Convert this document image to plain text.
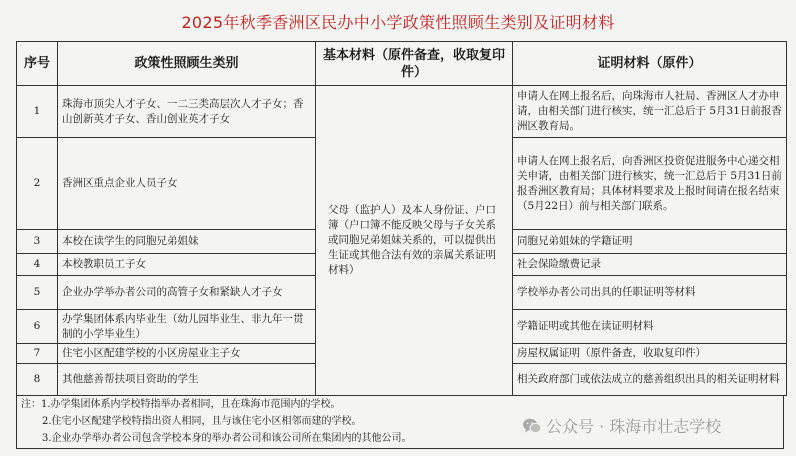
2025年秋季香洲区民办中小学政策性照顾生类别及证明材料
序号	政策性照顾生类别	基本材料（原件备查，收取复印件）	证明材料（原件）
1	珠海市顶尖人才子女、一二三类高层次人才子女；香山创新英才子女、香山创业英才子女	父母（监护人）及本人身份证、户口簿（户口簿不能反映父母与子女关系或同胞兄弟姐妹关系的，可以提供出生证或其他合法有效的亲属关系证明材料）	申请人在网上报名后，向珠海市人社局、香洲区人才办申请，由相关部门进行核实，统一汇总后于 5月31日前报香洲区教育局。
2	香洲区重点企业人员子女		申请人在网上报名后，向香洲区投资促进服务中心递交相关申请，由相关部门进行核实，统一汇总后于 5月31日前报香洲区教育局；具体材料要求及上报时间请在报名结束（5月22日）前与相关部门联系。
3	本校在读学生的同胞兄弟姐妹		同胞兄弟姐妹的学籍证明
4	本校教职员工子女		社会保险缴费记录
5	企业办学举办者公司的高管子女和紧缺人才子女		学校举办者公司出具的任职证明等材料
6	办学集团体系内毕业生（幼儿园毕业生、非九年一贯制的小学毕业生）		学籍证明或其他在读证明材料
7	住宅小区配建学校的小区房屋业主子女		房屋权属证明（原件备查，收取复印件）
8	其他慈善帮扶项目资助的学生		相关政府部门或依法成立的慈善组织出具的相关证明材料
注：1.办学集团体系内学校特指举办者相同，且在珠海市范围内的学校。
2.住宅小区配建学校特指出资人相同，且与该住宅小区相邻而建的学校。
3.企业办学举办者公司包含学校本身的举办者公司和该公司所在集团内的其他公司。
公众号 · 珠海市壮志学校
